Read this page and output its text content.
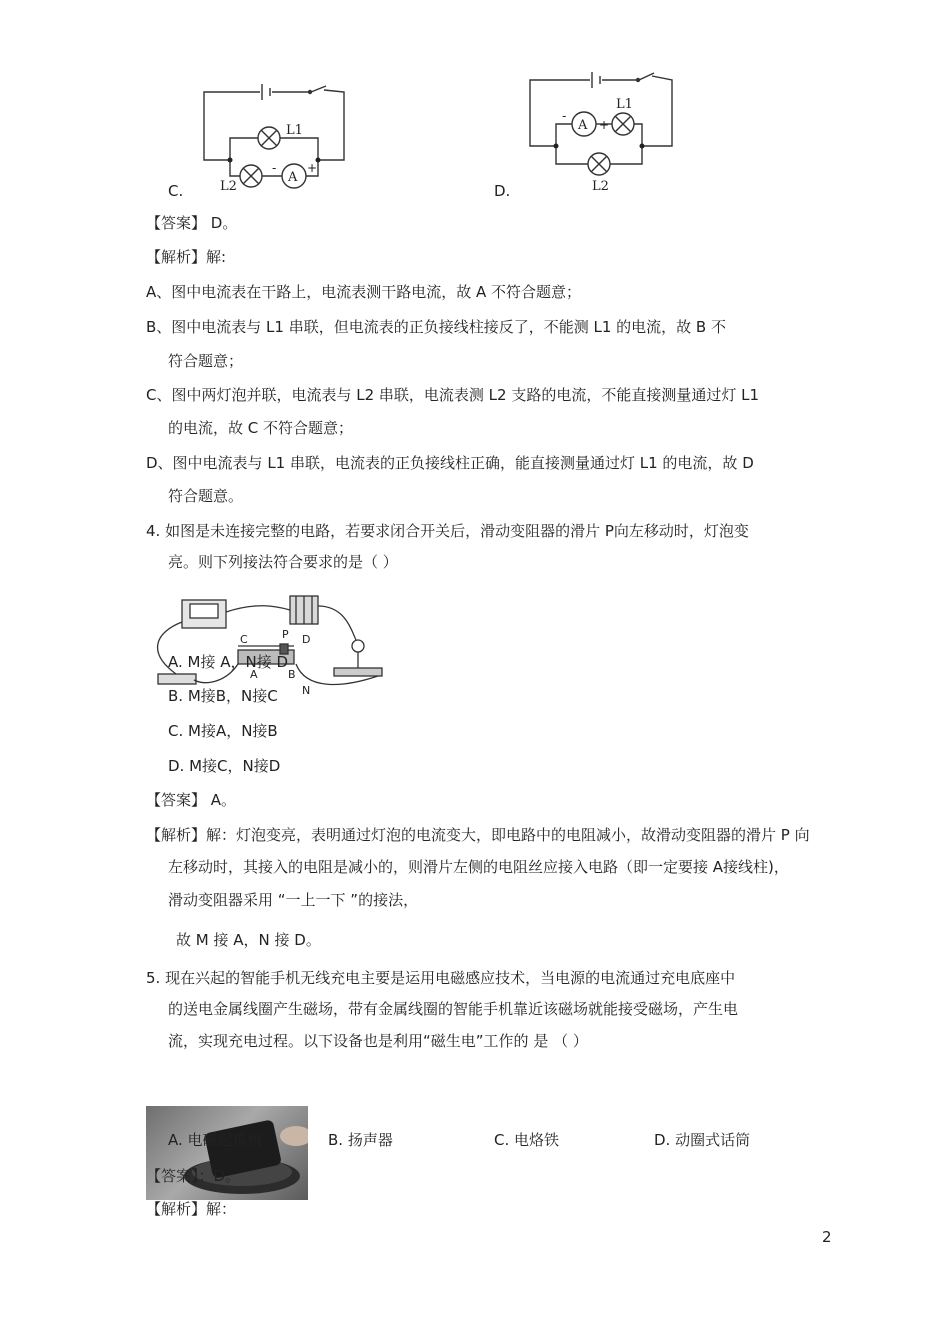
L1
L2
A
-	+
C.
L1
L2
A
-
+
D.
【答案】 D。
【解析】解:
A、图中电流表在干路上，电流表测干路电流，故 A 不符合题意；
B、图中电流表与 L1 串联，但电流表的正负接线柱接反了，不能测 L1 的电流，故 B 不
符合题意；
C、图中两灯泡并联，电流表与 L2 串联，电流表测 L2 支路的电流，不能直接测量通过灯 L1
的电流，故 C 不符合题意；
D、图中电流表与 L1 串联，电流表的正负接线柱正确，能直接测量通过灯 L1 的电流，故 D
符合题意。
4. 如图是未连接完整的电路，若要求闭合开关后，滑动变阻器的滑片 P向左移动时，灯泡变
亮。则下列接法符合要求的是（ ）
C	P D
A	B
N
A. M接 A，N接 D
B. M接B，N接C
C. M接A，N接B
D. M接C，N接D
【答案】 A。
【解析】解：灯泡变亮，表明通过灯泡的电流变大，即电路中的电阻减小，故滑动变阻器的滑片 P 向
左移动时，其接入的电阻是减小的，则滑片左侧的电阻丝应接入电路（即一定要接 A接线柱)，
滑动变阻器采用 “一上一下 ”的接法，
故 M 接 A，N 接 D。
5. 现在兴起的智能手机无线充电主要是运用电磁感应技术，当电源的电流通过充电底座中
的送电金属线圈产生磁场，带有金属线圈的智能手机靠近该磁场就能接受磁场，产生电
流，实现充电过程。以下设备也是利用“磁生电”工作的 是 （ ）
A. 电磁起重机	B. 扬声器	C. 电烙铁	D. 动圈式话筒
【答案】：D。
【解析】解：
2
